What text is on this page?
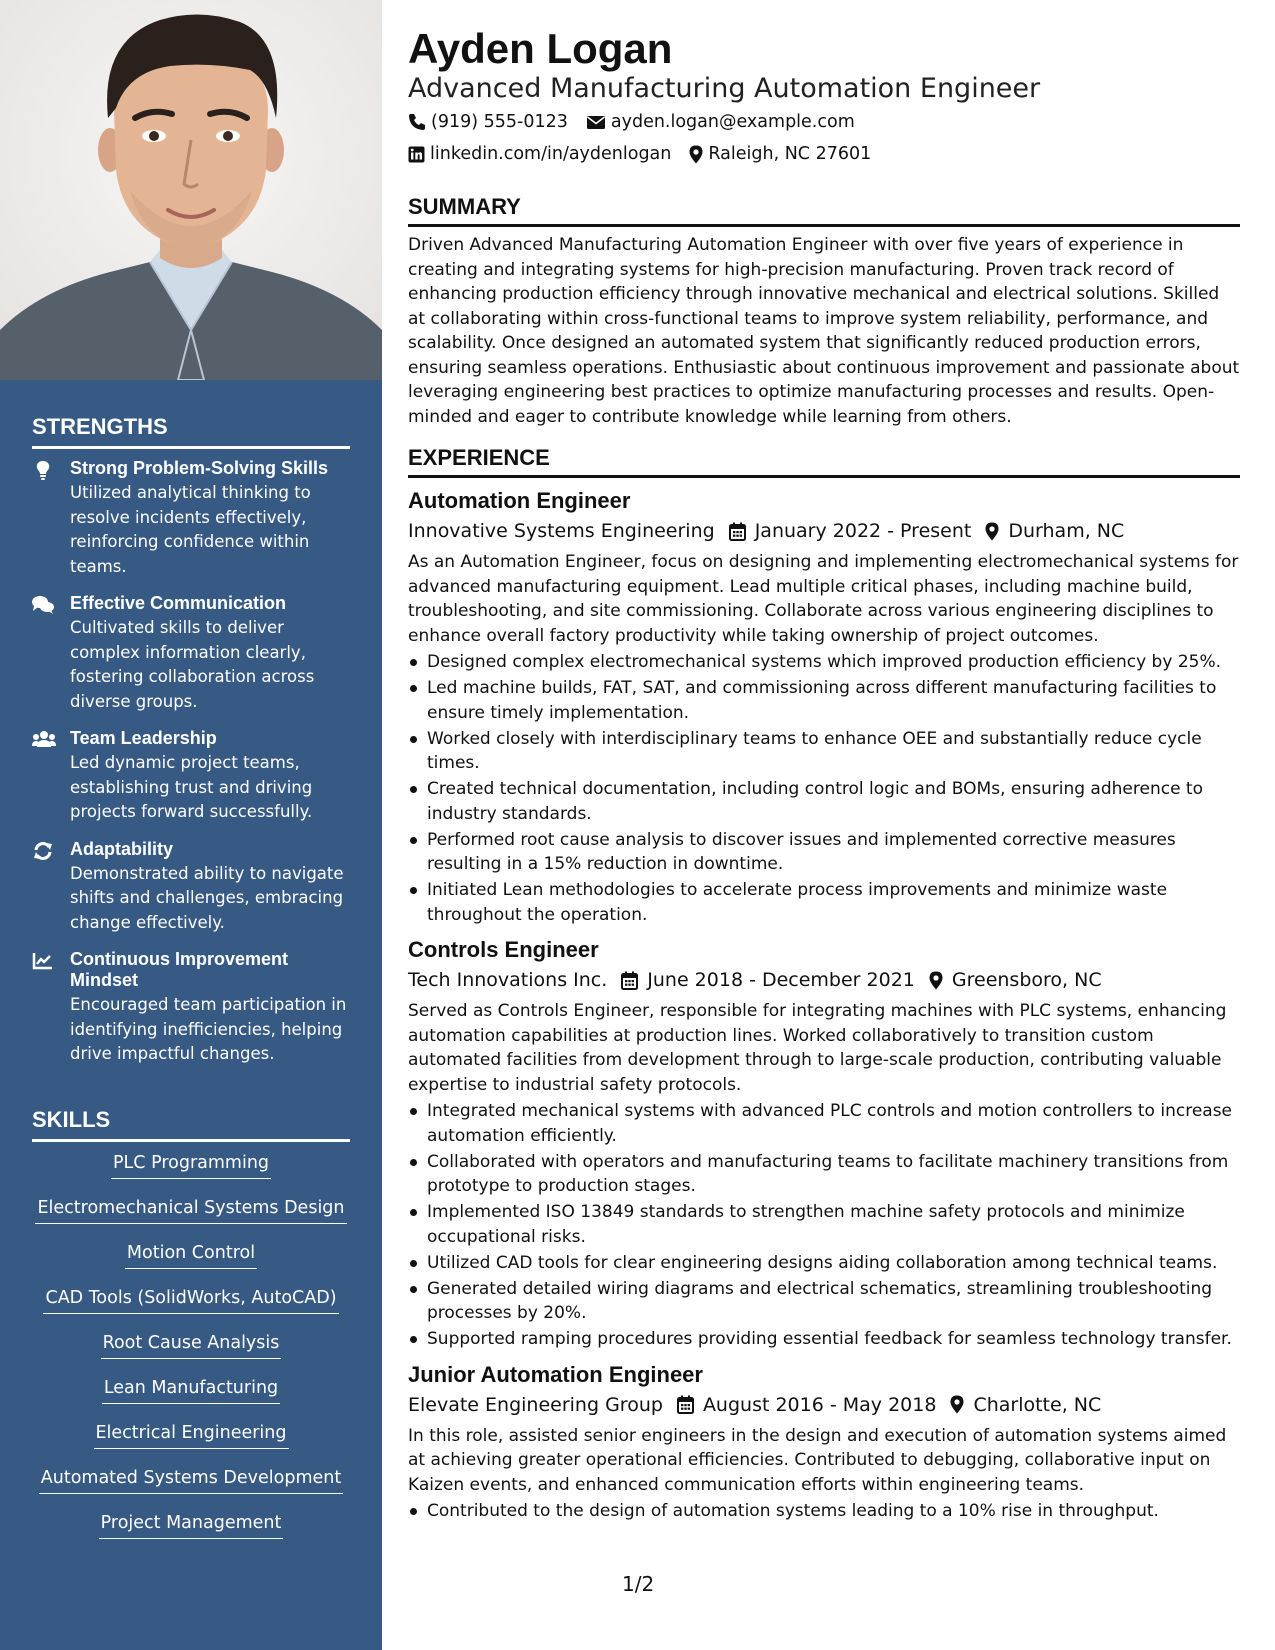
STRENGTHS
Strong Problem-Solving Skills
Utilized analytical thinking to resolve incidents effectively, reinforcing confidence within teams.
Effective Communication
Cultivated skills to deliver complex information clearly, fostering collaboration across diverse groups.
Team Leadership
Led dynamic project teams, establishing trust and driving projects forward successfully.
Adaptability
Demonstrated ability to navigate shifts and challenges, embracing change effectively.
Continuous Improvement Mindset
Encouraged team participation in identifying inefficiencies, helping drive impactful changes.
SKILLS
PLC Programming
Electromechanical Systems Design
Motion Control
CAD Tools (SolidWorks, AutoCAD)
Root Cause Analysis
Lean Manufacturing
Electrical Engineering
Automated Systems Development
Project Management
Ayden Logan
Advanced Manufacturing Automation Engineer
(919) 555-0123 ayden.logan@example.com
linkedin.com/in/aydenlogan Raleigh, NC 27601
SUMMARY

Driven Advanced Manufacturing Automation Engineer with over five years of experience in creating and integrating systems for high-precision manufacturing. Proven track record of enhancing production efficiency through innovative mechanical and electrical solutions. Skilled at collaborating within cross-functional teams to improve system reliability, performance, and scalability. Once designed an automated system that significantly reduced production errors, ensuring seamless operations. Enthusiastic about continuous improvement and passionate about leveraging engineering best practices to optimize manufacturing processes and results. Open-minded and eager to contribute knowledge while learning from others.

EXPERIENCE
Automation Engineer
Innovative Systems Engineering January 2022 - Present Durham, NC

As an Automation Engineer, focus on designing and implementing electromechanical systems for advanced manufacturing equipment. Lead multiple critical phases, including machine build, troubleshooting, and site commissioning. Collaborate across various engineering disciplines to enhance overall factory productivity while taking ownership of project outcomes.

Designed complex electromechanical systems which improved production efficiency by 25%.
Led machine builds, FAT, SAT, and commissioning across different manufacturing facilities to ensure timely implementation.
Worked closely with interdisciplinary teams to enhance OEE and substantially reduce cycle times.
Created technical documentation, including control logic and BOMs, ensuring adherence to industry standards.
Performed root cause analysis to discover issues and implemented corrective measures resulting in a 15% reduction in downtime.
Initiated Lean methodologies to accelerate process improvements and minimize waste throughout the operation.
Controls Engineer
Tech Innovations Inc. June 2018 - December 2021 Greensboro, NC

Served as Controls Engineer, responsible for integrating machines with PLC systems, enhancing automation capabilities at production lines. Worked collaboratively to transition custom automated facilities from development through to large-scale production, contributing valuable expertise to industrial safety protocols.

Integrated mechanical systems with advanced PLC controls and motion controllers to increase automation efficiently.
Collaborated with operators and manufacturing teams to facilitate machinery transitions from prototype to production stages.
Implemented ISO 13849 standards to strengthen machine safety protocols and minimize occupational risks.
Utilized CAD tools for clear engineering designs aiding collaboration among technical teams.
Generated detailed wiring diagrams and electrical schematics, streamlining troubleshooting processes by 20%.
Supported ramping procedures providing essential feedback for seamless technology transfer.
Junior Automation Engineer
Elevate Engineering Group August 2016 - May 2018 Charlotte, NC

In this role, assisted senior engineers in the design and execution of automation systems aimed at achieving greater operational efficiencies. Contributed to debugging, collaborative input on Kaizen events, and enhanced communication efforts within engineering teams.

Contributed to the design of automation systems leading to a 10% rise in throughput.
1/2
